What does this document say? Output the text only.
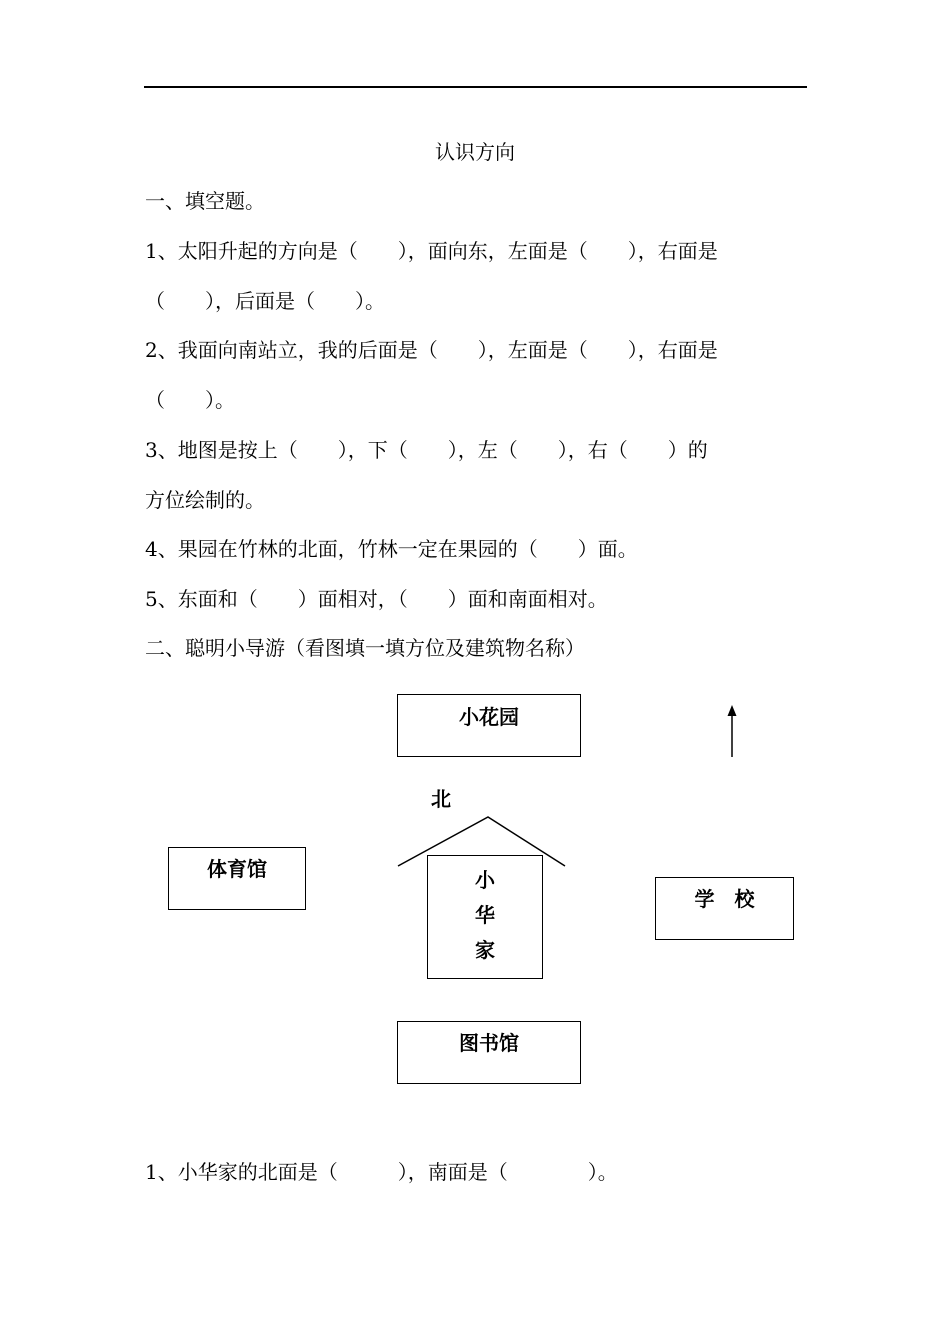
认识方向
一、填空题。
1、太阳升起的方向是（　　），面向东，左面是（　　），右面是
（　　），后面是（　　）。
2、我面向南站立，我的后面是（　　），左面是（　　），右面是
（　　）。
3、地图是按上（　　），下（　　），左（　　），右（　　）的
方位绘制的。
4、果园在竹林的北面，竹林一定在果园的（　　）面。
5、东面和（　　）面相对，（　　）面和南面相对。
二、聪明小导游（看图填一填方位及建筑物名称）
小花园
北
体育馆	小
华
家
学　校
图书馆
1、小华家的北面是（　　　），南面是（　　　　）。
